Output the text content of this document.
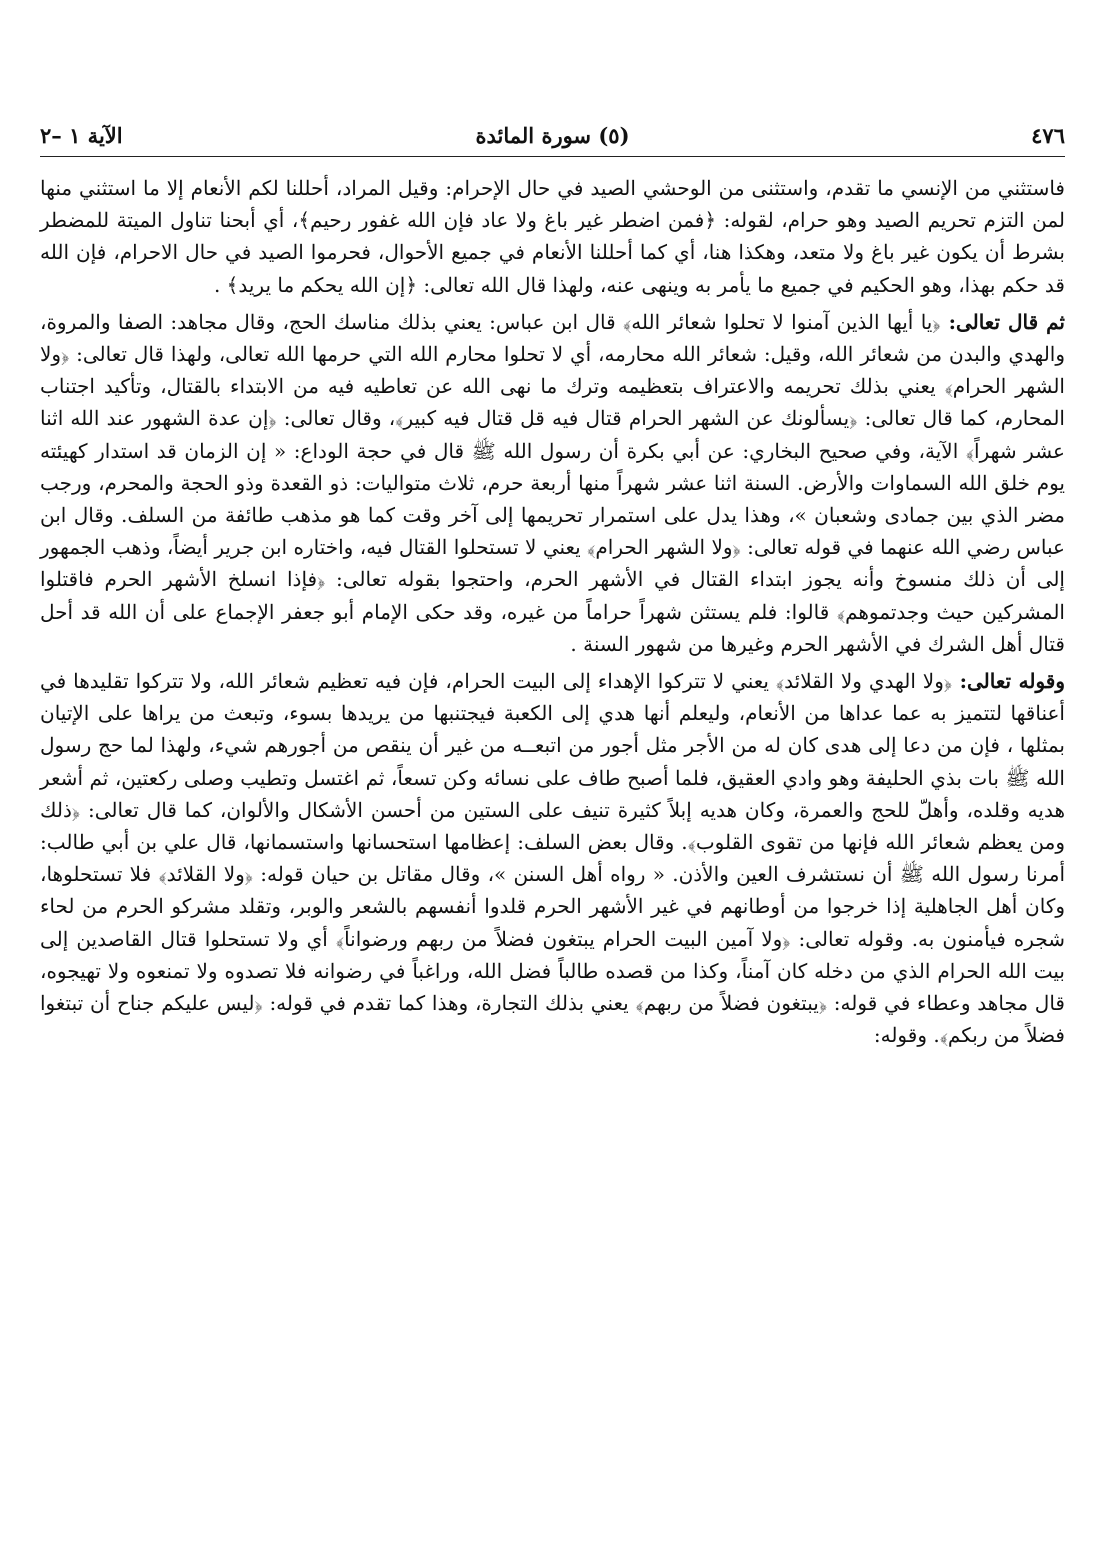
٤٧٦
(٥) سورة المائدة
الآية ١ –٢

فاستثني من الإنسي ما تقدم، واستثنى من الوحشي الصيد في حال الإحرام: وقيل المراد، أحللنا لكم الأنعام إلا ما استثني منها لمن التزم تحريم الصيد وهو حرام، لقوله: ﴿فمن اضطر غير باغ ولا عاد فإن الله غفور رحيم﴾، أي أبحنا تناول الميتة للمضطر بشرط أن يكون غير باغ ولا متعد، وهكذا هنا، أي كما أحللنا الأنعام في جميع الأحوال، فحرموا الصيد في حال الاحرام، فإن الله قد حكم بهذا، وهو الحكيم في جميع ما يأمر به وينهى عنه، ولهذا قال الله تعالى: ﴿إن الله يحكم ما يريد﴾ .

ثم قال تعالى: ﴿يا أيها الذين آمنوا لا تحلوا شعائر الله﴾ قال ابن عباس: يعني بذلك مناسك الحج، وقال مجاهد: الصفا والمروة، والهدي والبدن من شعائر الله، وقيل: شعائر الله محارمه، أي لا تحلوا محارم الله التي حرمها الله تعالى، ولهذا قال تعالى: ﴿ولا الشهر الحرام﴾ يعني بذلك تحريمه والاعتراف بتعظيمه وترك ما نهى الله عن تعاطيه فيه من الابتداء بالقتال، وتأكيد اجتناب المحارم، كما قال تعالى: ﴿يسألونك عن الشهر الحرام قتال فيه قل قتال فيه كبير﴾، وقال تعالى: ﴿إن عدة الشهور عند الله اثنا عشر شهراً﴾ الآية، وفي صحيح البخاري: عن أبي بكرة أن رسول الله ﷺ قال في حجة الوداع: « إن الزمان قد استدار كهيئته يوم خلق الله السماوات والأرض. السنة اثنا عشر شهراً منها أربعة حرم، ثلاث متواليات: ذو القعدة وذو الحجة والمحرم، ورجب مضر الذي بين جمادى وشعبان »، وهذا يدل على استمرار تحريمها إلى آخر وقت كما هو مذهب طائفة من السلف. وقال ابن عباس رضي الله عنهما في قوله تعالى: ﴿ولا الشهر الحرام﴾ يعني لا تستحلوا القتال فيه، واختاره ابن جرير أيضاً، وذهب الجمهور إلى أن ذلك منسوخ وأنه يجوز ابتداء القتال في الأشهر الحرم، واحتجوا بقوله تعالى: ﴿فإذا انسلخ الأشهر الحرم فاقتلوا المشركين حيث وجدتموهم﴾ قالوا: فلم يستثن شهراً حراماً من غيره، وقد حكى الإمام أبو جعفر الإجماع على أن الله قد أحل قتال أهل الشرك في الأشهر الحرم وغيرها من شهور السنة .

وقوله تعالى: ﴿ولا الهدي ولا القلائد﴾ يعني لا تتركوا الإهداء إلى البيت الحرام، فإن فيه تعظيم شعائر الله، ولا تتركوا تقليدها في أعناقها لتتميز به عما عداها من الأنعام، وليعلم أنها هدي إلى الكعبة فيجتنبها من يريدها بسوء، وتبعث من يراها على الإتيان بمثلها ، فإن من دعا إلى هدى كان له من الأجر مثل أجور من اتبعــه من غير أن ينقص من أجورهم شيء، ولهذا لما حج رسول الله ﷺ بات بذي الحليفة وهو وادي العقيق، فلما أصبح طاف على نسائه وكن تسعاً، ثم اغتسل وتطيب وصلى ركعتين، ثم أشعر هديه وقلده، وأهلّ للحج والعمرة، وكان هديه إبلاً كثيرة تنيف على الستين من أحسن الأشكال والألوان، كما قال تعالى: ﴿ذلك ومن يعظم شعائر الله فإنها من تقوى القلوب﴾. وقال بعض السلف: إعظامها استحسانها واستسمانها، قال علي بن أبي طالب: أمرنا رسول الله ﷺ أن نستشرف العين والأذن. « رواه أهل السنن »، وقال مقاتل بن حيان قوله: ﴿ولا القلائد﴾ فلا تستحلوها، وكان أهل الجاهلية إذا خرجوا من أوطانهم في غير الأشهر الحرم قلدوا أنفسهم بالشعر والوبر، وتقلد مشركو الحرم من لحاء شجره فيأمنون به. وقوله تعالى: ﴿ولا آمين البيت الحرام يبتغون فضلاً من ربهم ورضواناً﴾ أي ولا تستحلوا قتال القاصدين إلى بيت الله الحرام الذي من دخله كان آمناً، وكذا من قصده طالباً فضل الله، وراغباً في رضوانه فلا تصدوه ولا تمنعوه ولا تهيجوه، قال مجاهد وعطاء في قوله: ﴿يبتغون فضلاً من ربهم﴾ يعني بذلك التجارة، وهذا كما تقدم في قوله: ﴿ليس عليكم جناح أن تبتغوا فضلاً من ربكم﴾. وقوله:
